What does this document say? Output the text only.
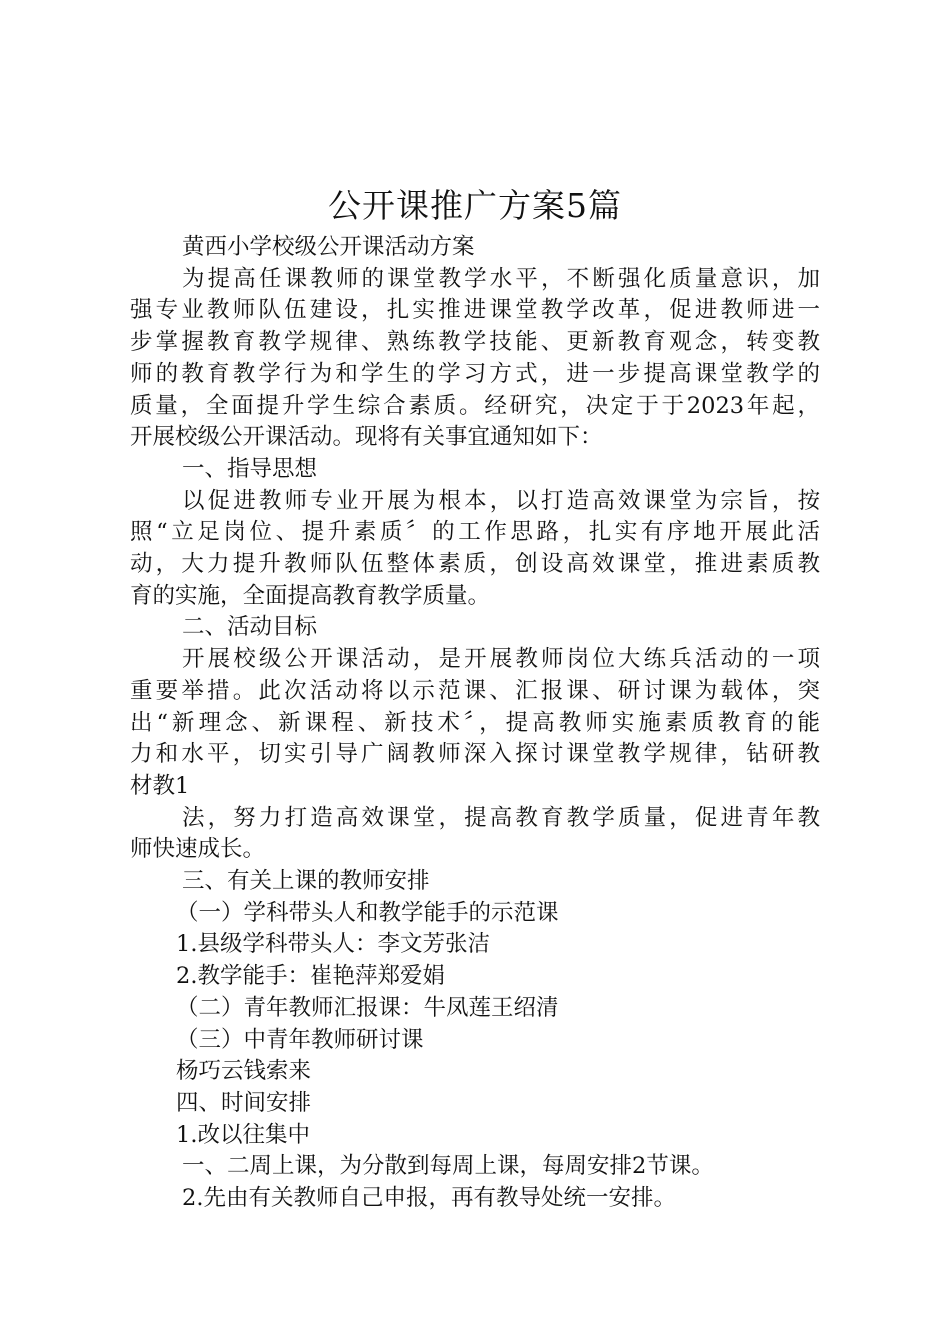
公开课推广方案5篇

黄西小学校级公开课活动方案

为提高任课教师的课堂教学水平，不断强化质量意识，加

强专业教师队伍建设，扎实推进课堂教学改革，促进教师进一

步掌握教育教学规律、熟练教学技能、更新教育观念，转变教

师的教育教学行为和学生的学习方式，进一步提高课堂教学的

质量，全面提升学生综合素质。经研究，决定于于2023年起，

开展校级公开课活动。现将有关事宜通知如下：

一、指导思想

以促进教师专业开展为根本，以打造高效课堂为宗旨，按

照“立足岗位、提升素质〞的工作思路，扎实有序地开展此活

动，大力提升教师队伍整体素质，创设高效课堂，推进素质教

育的实施，全面提高教育教学质量。

二、活动目标

开展校级公开课活动，是开展教师岗位大练兵活动的一项

重要举措。此次活动将以示范课、汇报课、研讨课为载体，突

出“新理念、新课程、新技术〞，提高教师实施素质教育的能

力和水平，切实引导广阔教师深入探讨课堂教学规律，钻研教

材教1

法，努力打造高效课堂，提高教育教学质量，促进青年教

师快速成长。

三、有关上课的教师安排

（一）学科带头人和教学能手的示范课

1.县级学科带头人：李文芳张洁

2.教学能手：崔艳萍郑爱娟

（二）青年教师汇报课：牛凤莲王绍清

（三）中青年教师研讨课

杨巧云钱索来

四、时间安排

1.改以往集中

一、二周上课，为分散到每周上课，每周安排2节课。

2.先由有关教师自己申报，再有教导处统一安排。
